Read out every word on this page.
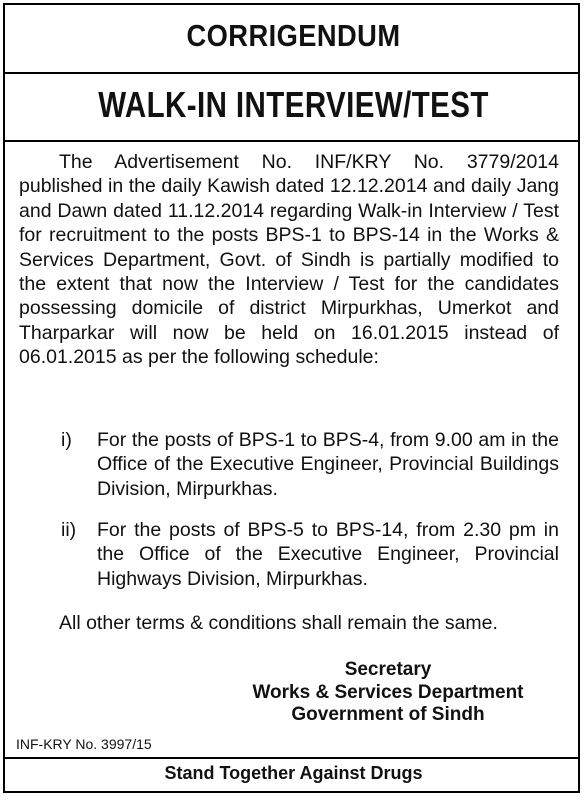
CORRIGENDUM
WALK-IN INTERVIEW/TEST

The Advertisement No. INF/KRY No. 3779/2014 published in the daily Kawish dated 12.12.2014 and daily Jang and Dawn dated 11.12.2014 regarding Walk-in Interview / Test for recruitment to the posts BPS-1 to BPS-14 in the Works & Services Department, Govt. of Sindh is partially modified to the extent that now the Interview / Test for the candidates possessing domicile of district Mirpurkhas, Umerkot and Tharparkar will now be held on 16.01.2015 instead of 06.01.2015 as per the following schedule:

i) For the posts of BPS-1 to BPS-4, from 9.00 am in the Office of the Executive Engineer, Provincial Buildings Division, Mirpurkhas.
ii) For the posts of BPS-5 to BPS-14, from 2.30 pm in the Office of the Executive Engineer, Provincial Highways Division, Mirpurkhas.

All other terms & conditions shall remain the same.

Secretary
Works & Services Department
Government of Sindh
INF-KRY No. 3997/15
Stand Together Against Drugs
